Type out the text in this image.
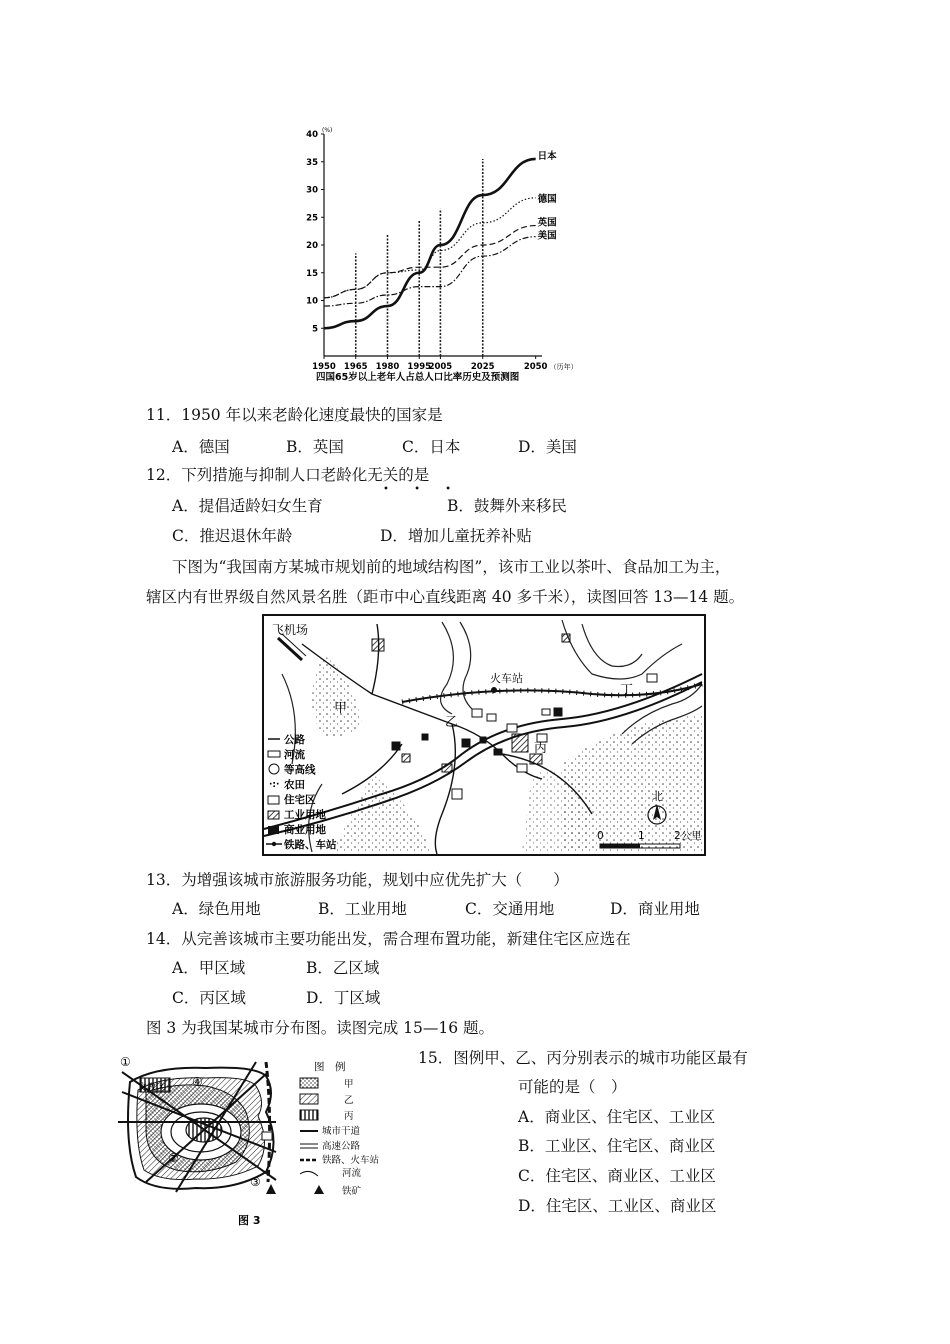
5
10
15
20
25
30
35
40 (%)
1950 1965 1980 1995
2005 2025	2050 （历年）
日本
德国
英国
美国
四国65岁以上老年人占总人口比率历史及预测图
11．1950 年以来老龄化速度最快的国家是
A．德国	B．英国	C．日本	D．美国
12．下列措施与抑制人口老龄化无关的是
• • •
A．提倡适龄妇女生育	B．鼓舞外来移民
C．推迟退休年龄	D．增加儿童抚养补贴
下图为“我国南方某城市规划前的地域结构图”，该市工业以茶叶、食品加工为主，
辖区内有世界级自然风景名胜（距市中心直线距离 40 多千米），读图回答 13—14 题。
飞机场
火车站
甲
乙
丙
丁
公路
河流
等高线
·:· 农田
住宅区
工业用地
商业用地
铁路、车站
北
0	1	2公里
13．为增强该城市旅游服务功能，规划中应优先扩大（　　）
A．绿色用地	B．工业用地	C．交通用地	D．商业用地
14．从完善该城市主要功能出发，需合理布置功能，新建住宅区应选在
A．甲区域	B．乙区域
C．丙区域	D．丁区域
图 3 为我国某城市分布图。读图完成 15—16 题。
①
②
③
④
文教区
图　例
甲
乙
丙
城市干道
高速公路
铁路、火车站
河流
铁矿
图 3
15．图例甲、乙、丙分别表示的城市功能区最有
可能的是（　）
A．商业区、住宅区、工业区
B．工业区、住宅区、商业区
C．住宅区、商业区、工业区
D．住宅区、工业区、商业区
